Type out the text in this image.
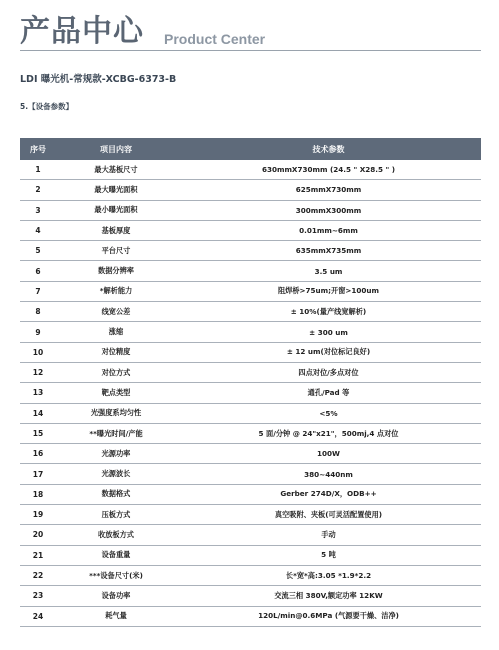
产品中心 Product Center
LDI 曝光机-常规款-XCBG-6373-B
5.【设备参数】
序号	项目内容	技术参数
1	最大基板尺寸	630mmX730mm (24.5 " X28.5 " )
2	最大曝光面积	625mmX730mm
3	最小曝光面积	300mmX300mm
4	基板厚度	0.01mm~6mm
5	平台尺寸	635mmX735mm
6	数据分辨率	3.5 um
7	*解析能力	阻焊桥>75um;开窗>100um
8	线宽公差	± 10%(量产线宽解析)
9	涨缩	± 300 um
10	对位精度	± 12 um(对位标记良好)
12	对位方式	四点对位/多点对位
13	靶点类型	通孔/Pad 等
14	光强度系均匀性	<5%
15	**曝光时间/产能	5 面/分钟 @ 24"x21"，500mj,4 点对位
16	光源功率	100W
17	光源波长	380~440nm
18	数据格式	Gerber 274D/X，ODB++
19	压板方式	真空吸附、夹板(可灵活配置使用)
20	收放板方式	手动
21	设备重量	5 吨
22	***设备尺寸(米)	长*宽*高:3.05 *1.9*2.2
23	设备功率	交流三相 380V,额定功率 12KW
24	耗气量	120L/min@0.6MPa (气源要干燥、洁净)
